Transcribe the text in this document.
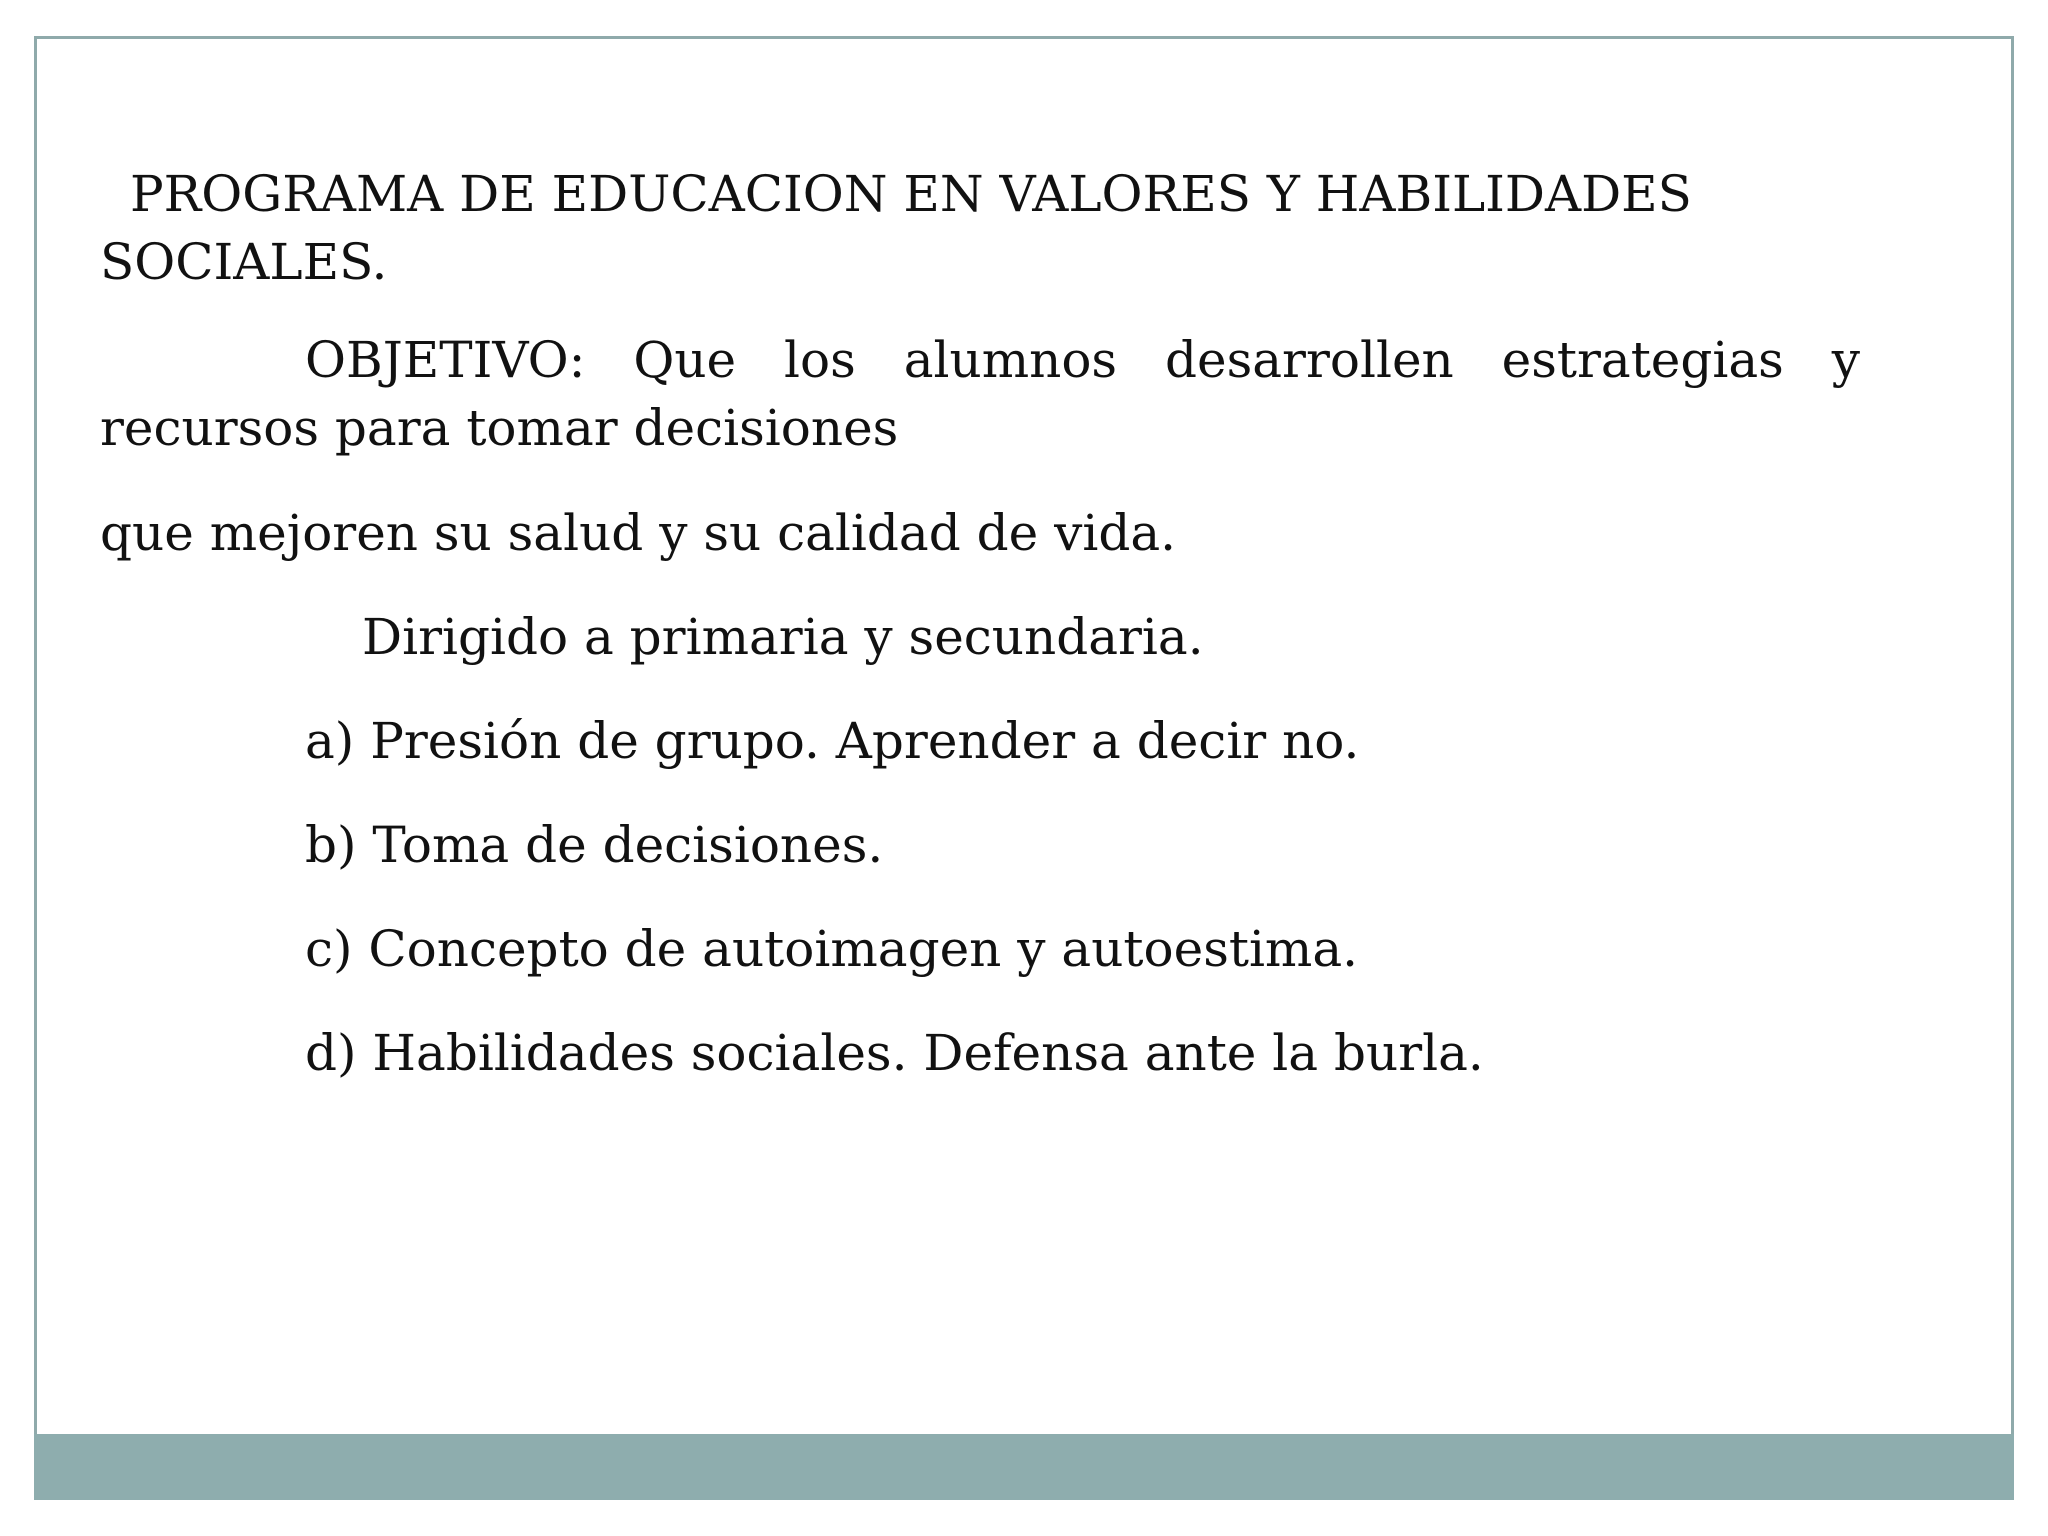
PROGRAMA DE EDUCACION EN VALORES Y HABILIDADES SOCIALES.

OBJETIVO: Que los alumnos desarrollen estrategias y recursos para tomar decisiones

que mejoren su salud y su calidad de vida.

Dirigido a primaria y secundaria.

a) Presión de grupo. Aprender a decir no.

b) Toma de decisiones.

c) Concepto de autoimagen y autoestima.

d) Habilidades sociales. Defensa ante la burla.
